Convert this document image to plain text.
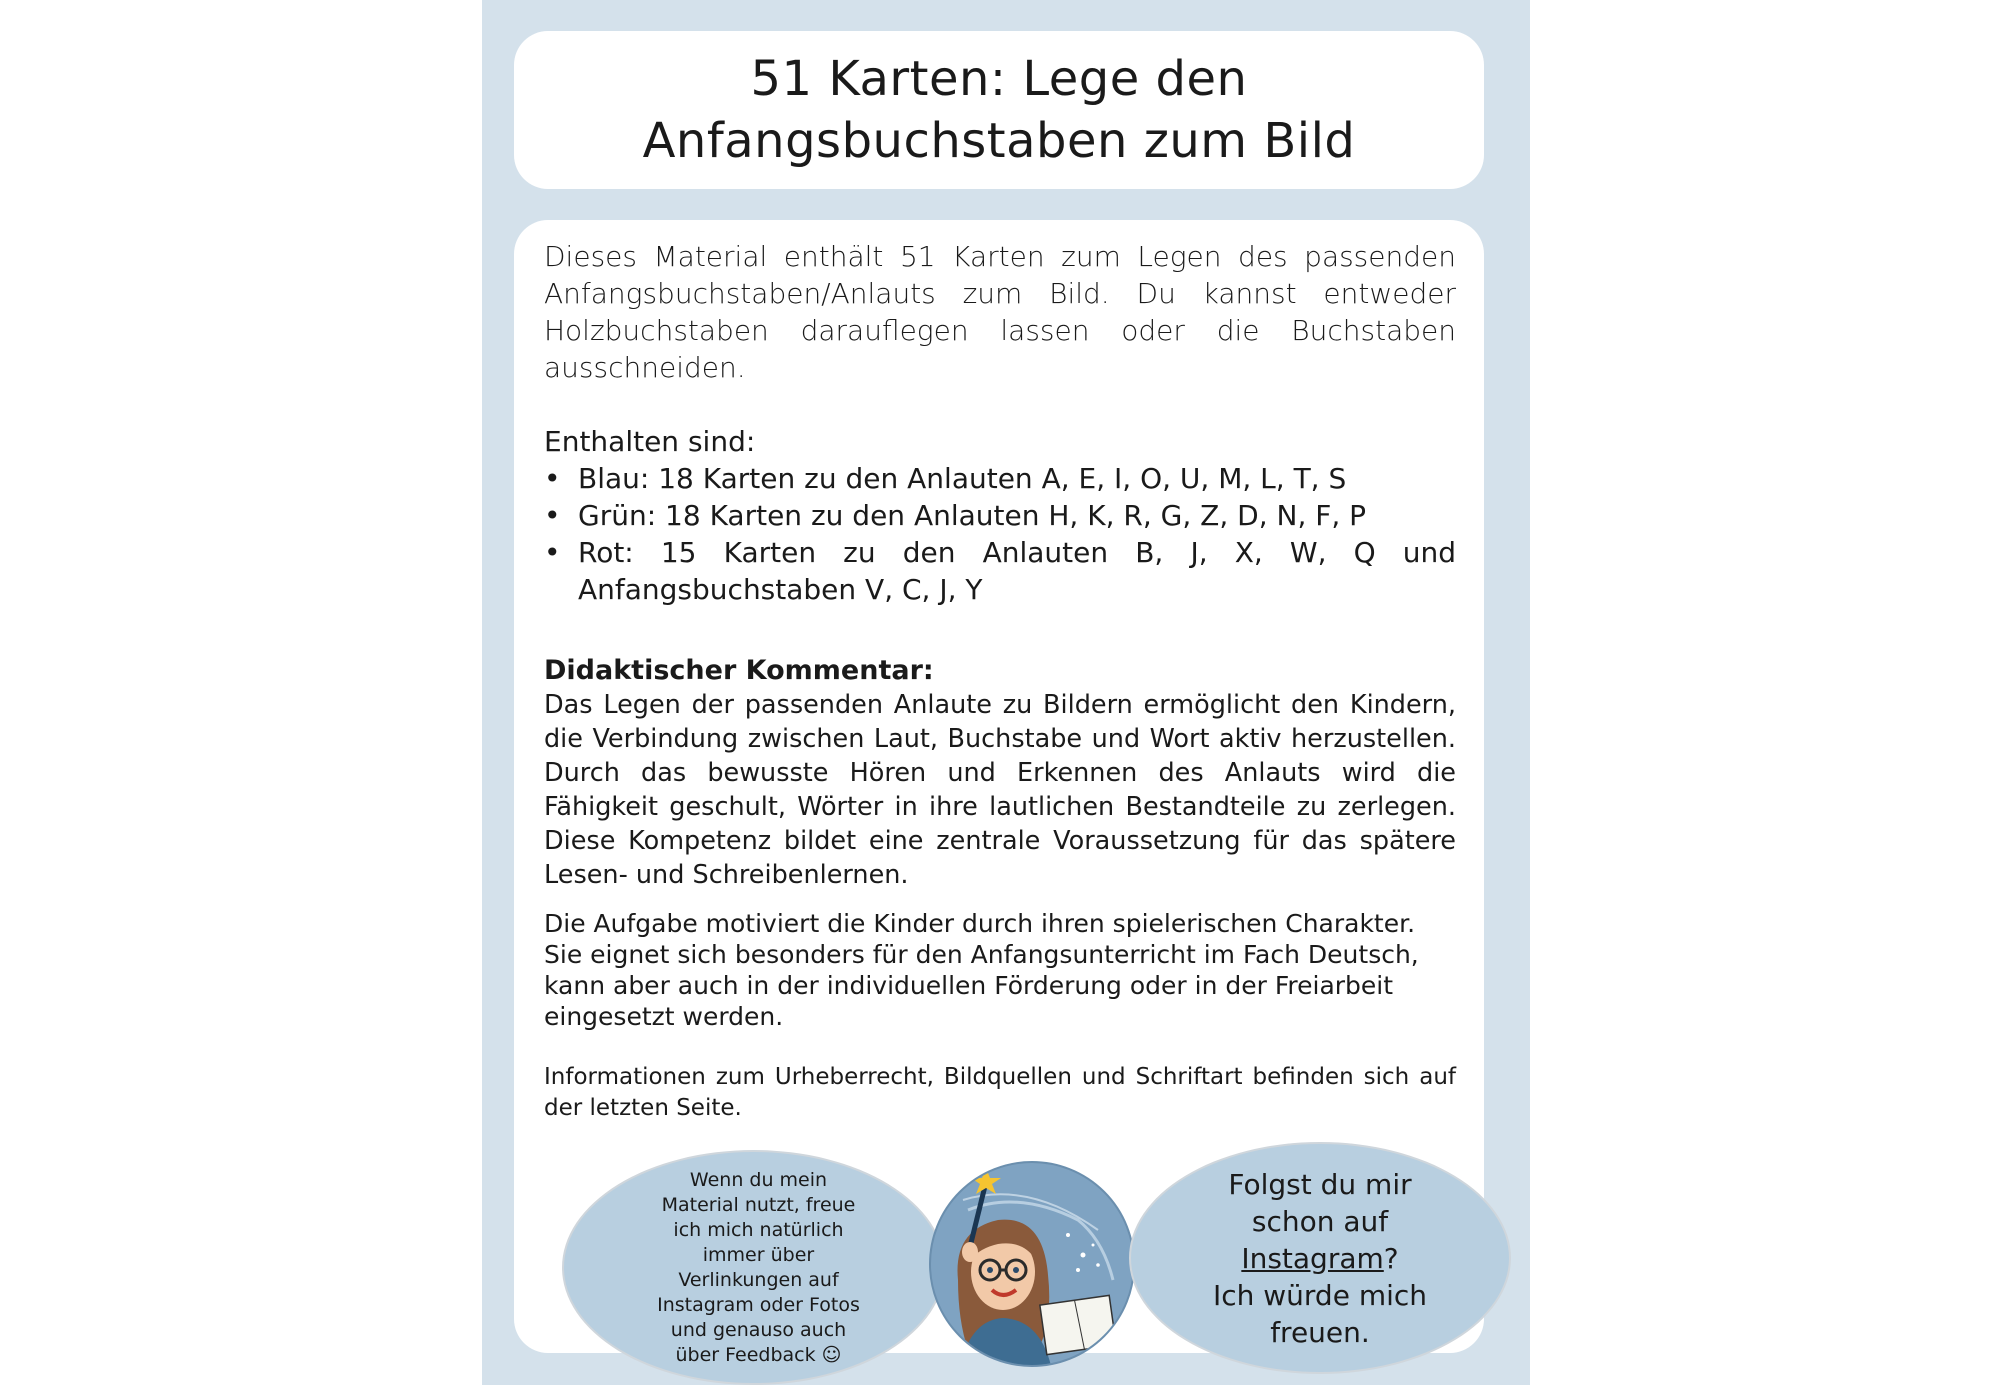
51 Karten: Lege den
Anfangsbuchstaben zum Bild

Dieses Material enthält 51 Karten zum Legen des passenden Anfangsbuchstaben/Anlauts zum Bild. Du kannst entweder Holzbuchstaben darauflegen lassen oder die Buchstaben ausschneiden.

Enthalten sind:

• Blau: 18 Karten zu den Anlauten A, E, I, O, U, M, L, T, S
• Grün: 18 Karten zu den Anlauten H, K, R, G, Z, D, N, F, P
• Rot: 15 Karten zu den Anlauten B, J, X, W, Q und Anfangsbuchstaben V, C, J, Y

Didaktischer Kommentar:

Das Legen der passenden Anlaute zu Bildern ermöglicht den Kindern, die Verbindung zwischen Laut, Buchstabe und Wort aktiv herzustellen. Durch das bewusste Hören und Erkennen des Anlauts wird die Fähigkeit geschult, Wörter in ihre lautlichen Bestandteile zu zerlegen. Diese Kompetenz bildet eine zentrale Voraussetzung für das spätere Lesen- und Schreibenlernen.

Die Aufgabe motiviert die Kinder durch ihren spielerischen Charakter.
Sie eignet sich besonders für den Anfangsunterricht im Fach Deutsch,
kann aber auch in der individuellen Förderung oder in der Freiarbeit
eingesetzt werden.

Informationen zum Urheberrecht, Bildquellen und Schriftart befinden sich auf der letzten Seite.

Wenn du mein Material nutzt, freue ich mich natürlich immer über Verlinkungen auf Instagram oder Fotos und genauso auch über Feedback ☺
Folgst du mir schon auf Instagram?
Ich würde mich freuen.
